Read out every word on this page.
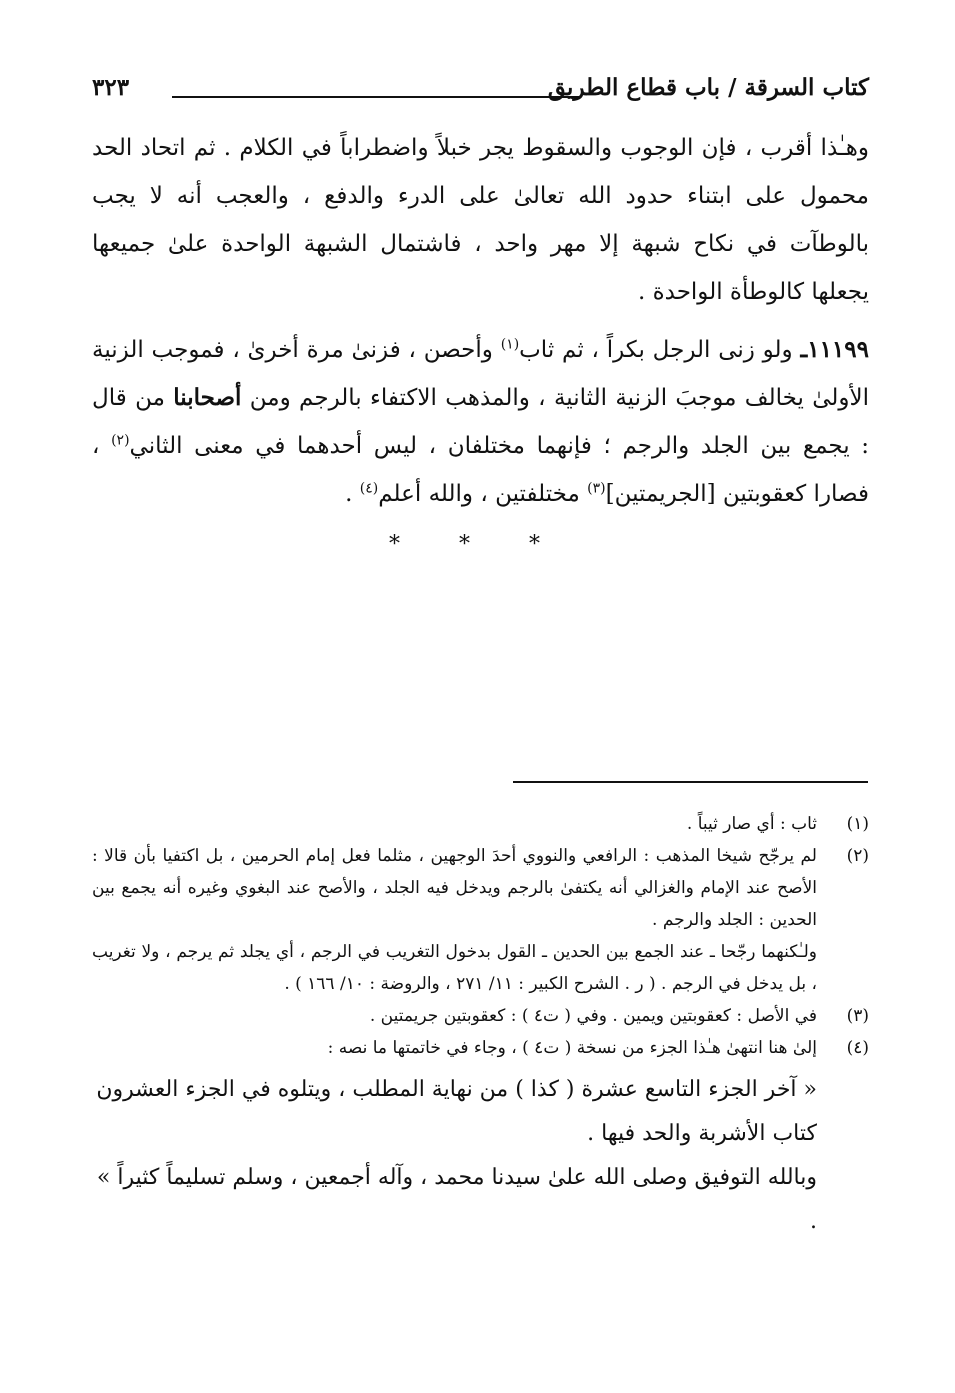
كتاب السرقة / باب قطاع الطريق
٣٢٣
وهـٰذا أقرب ، فإن الوجوب والسقوط يجر خبلاً واضطراباً في الكلام . ثم اتحاد الحد محمول على ابتناء حدود الله تعالىٰ على الدرء والدفع ، والعجب أنه لا يجب بالوطآت في نكاح شبهة إلا مهر واحد ، فاشتمال الشبهة الواحدة علىٰ جميعها يجعلها كالوطأة الواحدة .
١١١٩٩ـ ولو زنى الرجل بكراً ، ثم ثاب$^{(١)}$ وأحصن ، فزنىٰ مرة أخرىٰ ، فموجب الزنية الأولىٰ يخالف موجبَ الزنية الثانية ، والمذهب الاكتفاء بالرجم ومن أصحابنا من قال : يجمع بين الجلد والرجم ؛ فإنهما مختلفان ، ليس أحدهما في معنى الثاني$^{(٢)}$ ، فصارا كعقوبتين [الجريمتين]$^{(٣)}$ مختلفتين ، والله أعلم$^{(٤)}$ .
* * *
(١)
ثاب : أي صار ثيباً .
(٢)
لم يرجّح شيخا المذهب : الرافعي والنووي أحدَ الوجهين ، مثلما فعل إمام الحرمين ، بل اكتفيا بأن قالا : الأصح عند الإمام والغزالي أنه يكتفىٰ بالرجم ويدخل فيه الجلد ، والأصح عند البغوي وغيره أنه يجمع بين الحدين : الجلد والرجم .
ولـٰكنهما رجّحا ـ عند الجمع بين الحدين ـ القول بدخول التغريب في الرجم ، أي يجلد ثم يرجم ، ولا تغريب ، بل يدخل في الرجم . ( ر . الشرح الكبير : ١١/ ٢٧١ ، والروضة : ١٠/ ١٦٦ ) .
(٣)
في الأصل : كعقوبتين ويمين . وفي ( ت٤ ) : كعقوبتين جريمتين .
(٤)
إلىٰ هنا انتهىٰ هـٰذا الجزء من نسخة ( ت٤ ) ، وجاء في خاتمتها ما نصه :
« آخر الجزء التاسع عشرة ( كذا ) من نهاية المطلب ، ويتلوه في الجزء العشرون كتاب الأشربة والحد فيها .
وبالله التوفيق وصلى الله علىٰ سيدنا محمد ، وآله أجمعين ، وسلم تسليماً كثيراً » .
